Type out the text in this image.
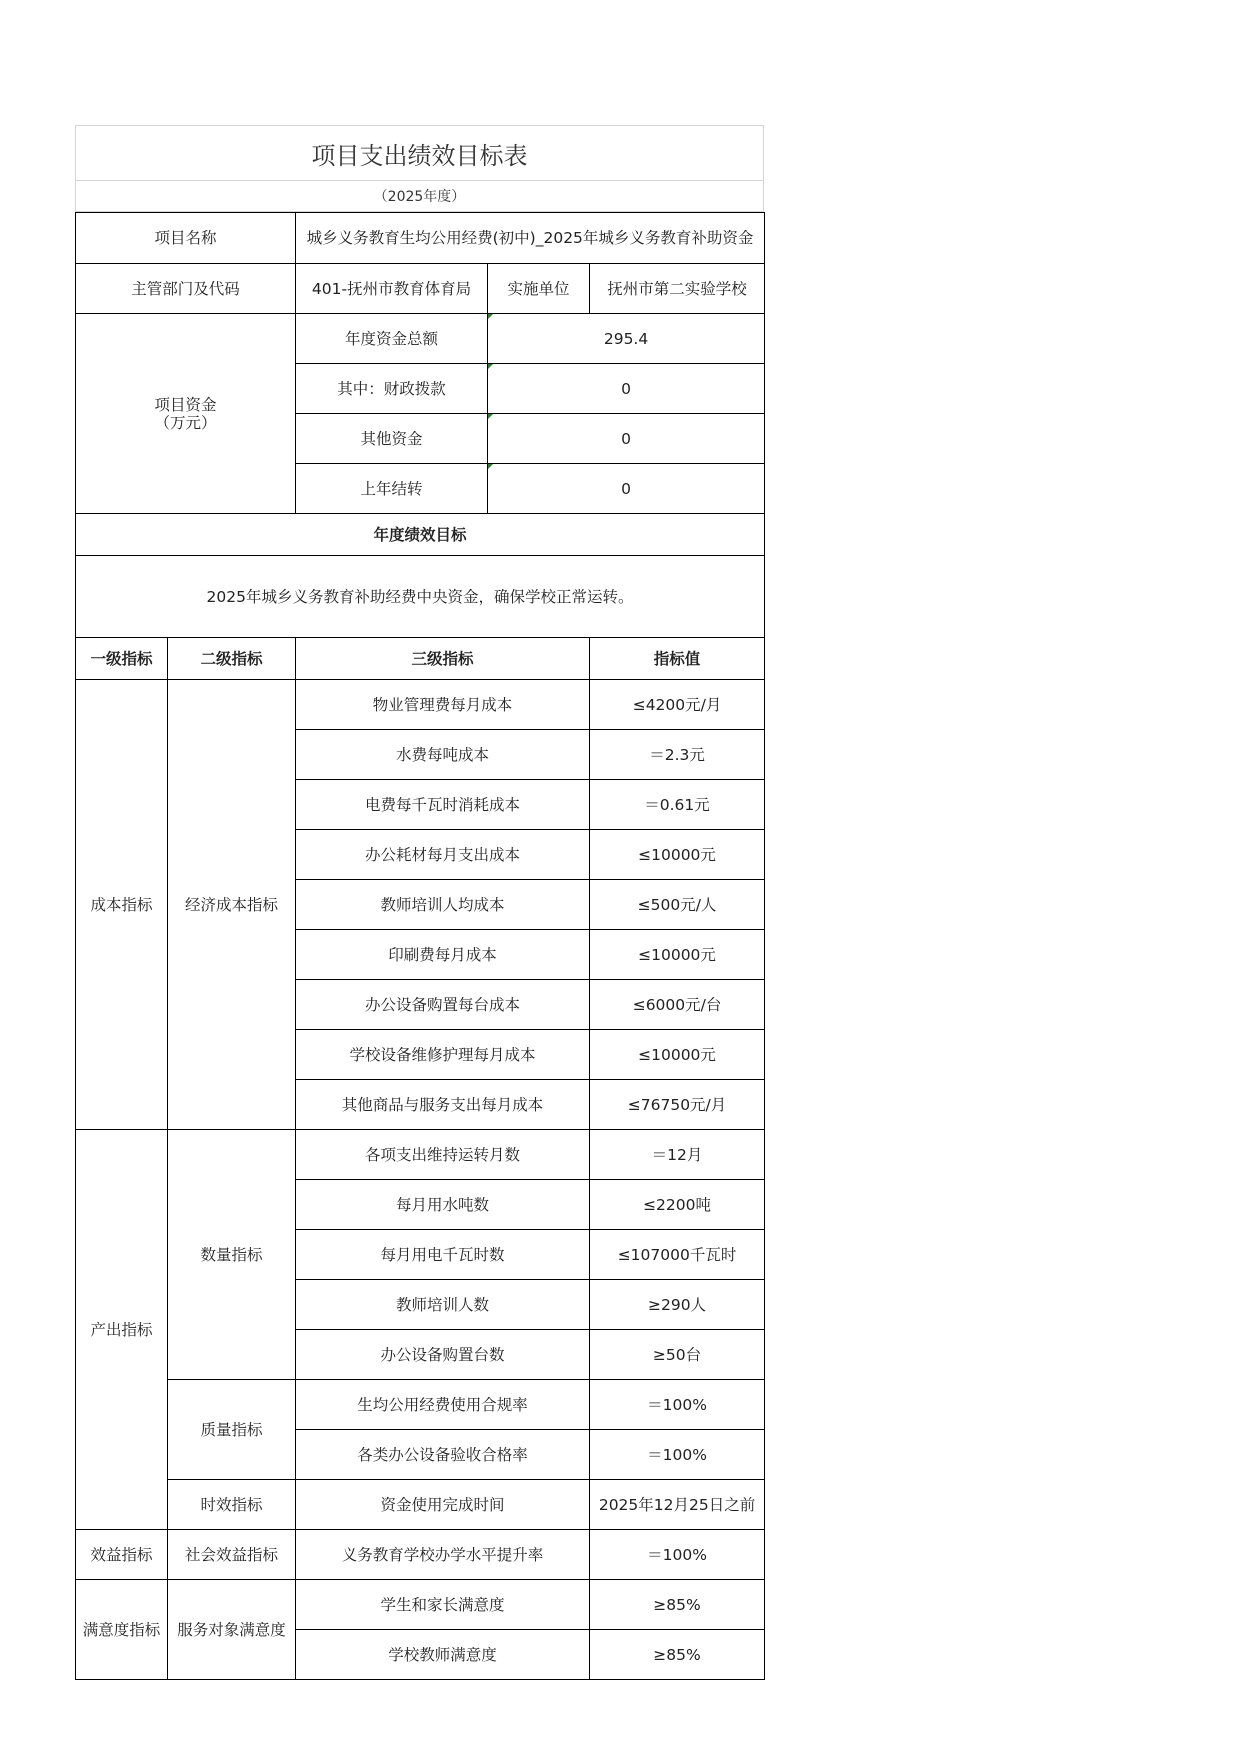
项目支出绩效目标表
（2025年度）
项目名称		城乡义务教育生均公用经费(初中)_2025年城乡义务教育补助资金		
主管部门及代码		401-抚州市教育体育局	实施单位	抚州市第二实验学校
项目资金
（万元）		年度资金总额	295.4	
		其中：财政拨款	0	
		其他资金	0	
		上年结转	0	
年度绩效目标				
2025年城乡义务教育补助经费中央资金，确保学校正常运转。				
一级指标	二级指标	三级指标		指标值
成本指标	经济成本指标	物业管理费每月成本		≤4200元/月
		水费每吨成本		＝2.3元
		电费每千瓦时消耗成本		＝0.61元
		办公耗材每月支出成本		≤10000元
		教师培训人均成本		≤500元/人
		印刷费每月成本		≤10000元
		办公设备购置每台成本		≤6000元/台
		学校设备维修护理每月成本		≤10000元
		其他商品与服务支出每月成本		≤76750元/月
产出指标	数量指标	各项支出维持运转月数		＝12月
		每月用水吨数		≤2200吨
		每月用电千瓦时数		≤107000千瓦时
		教师培训人数		≥290人
		办公设备购置台数		≥50台
	质量指标	生均公用经费使用合规率		＝100%
		各类办公设备验收合格率		＝100%
	时效指标	资金使用完成时间		2025年12月25日之前
效益指标	社会效益指标	义务教育学校办学水平提升率		＝100%
满意度指标	服务对象满意度	学生和家长满意度		≥85%
		学校教师满意度		≥85%
